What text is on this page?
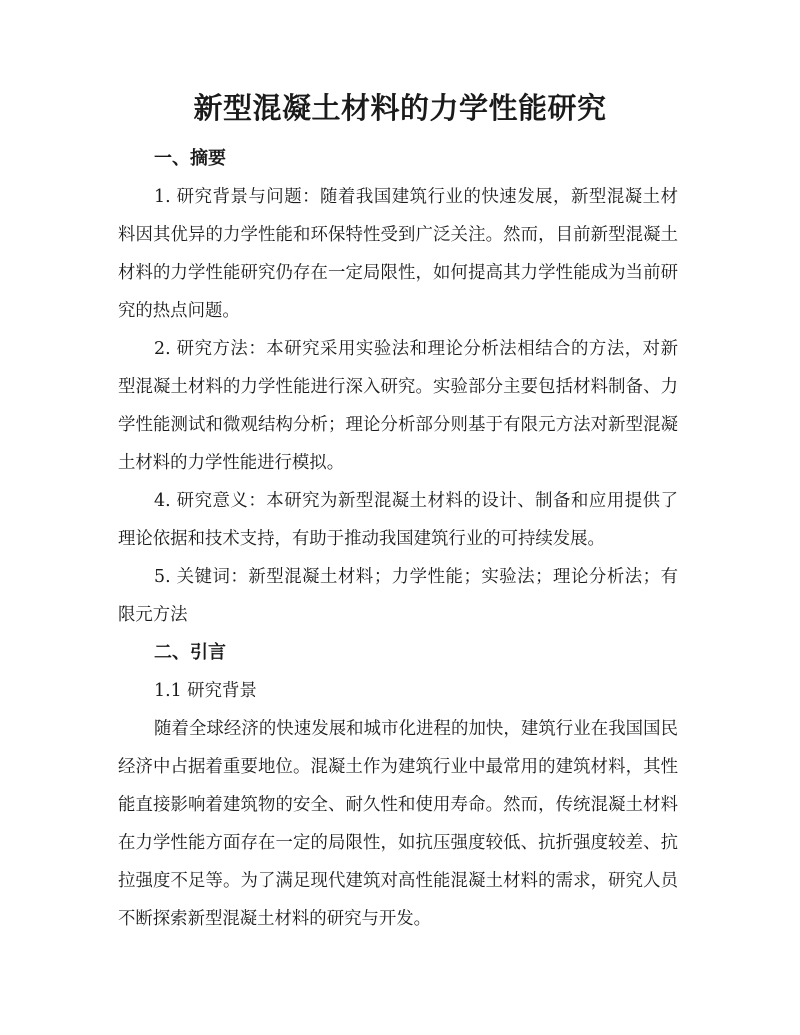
新型混凝土材料的力学性能研究
一、摘要

1. 研究背景与问题：随着我国建筑行业的快速发展，新型混凝土材料因其优异的力学性能和环保特性受到广泛关注。然而，目前新型混凝土材料的力学性能研究仍存在一定局限性，如何提高其力学性能成为当前研究的热点问题。

2. 研究方法：本研究采用实验法和理论分析法相结合的方法，对新型混凝土材料的力学性能进行深入研究。实验部分主要包括材料制备、力学性能测试和微观结构分析；理论分析部分则基于有限元方法对新型混凝土材料的力学性能进行模拟。

4. 研究意义：本研究为新型混凝土材料的设计、制备和应用提供了理论依据和技术支持，有助于推动我国建筑行业的可持续发展。

5. 关键词：新型混凝土材料；力学性能；实验法；理论分析法；有限元方法

二、引言

1.1 研究背景

随着全球经济的快速发展和城市化进程的加快，建筑行业在我国国民经济中占据着重要地位。混凝土作为建筑行业中最常用的建筑材料，其性能直接影响着建筑物的安全、耐久性和使用寿命。然而，传统混凝土材料在力学性能方面存在一定的局限性，如抗压强度较低、抗折强度较差、抗拉强度不足等。为了满足现代建筑对高性能混凝土材料的需求，研究人员不断探索新型混凝土材料的研究与开发。
